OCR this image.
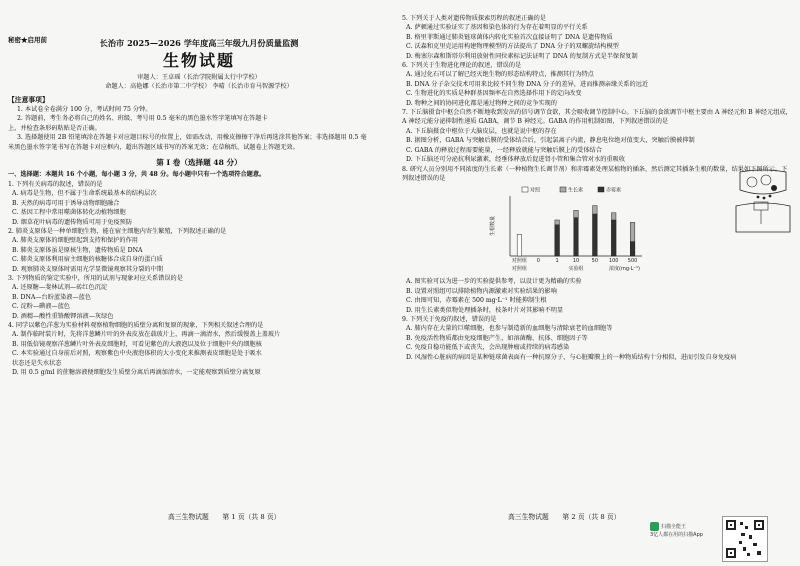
秘密★启用前	长治市 2025—2026 学年度高三年级九月份质量监测

生物试题

审题人：王卓瑶（长治学院附属太行中学校）

命题人：高艳娜（长治市第二中学校） 李晴（长治市育马智源学校）

【注意事项】

1. 本试卷全卷满分 100 分，考试时间 75 分钟。

2. 答题前，考生务必将自己的姓名、班级、考号用 0.5 毫米的黑色墨水签字笔填写在答题卡

上，并检查条形码粘贴是否正确。

3. 选择题使用 2B 铅笔填涂在答题卡对应题目标号的位置上，如需改动，用橡皮擦擦干净后再选涂其他答案；非选择题用 0.5 毫

米黑色墨水签字笔书写在答题卡对应框内，超出答题区域书写的答案无效；在草稿纸、试题卷上答题无效。

第 I 卷（选择题 48 分）

一、选择题：本题共 16 个小题，每小题 3 分，共 48 分。每小题中只有一个选项符合题意。

1. 下列有关病毒的叙述，错误的是

A. 病毒是生物，但不属于生命系统最基本的结构层次

B. 天然的病毒可用于诱导动物细胞融合

C. 基因工程中常用噬菌体转化动植物细胞

D. 烟草花叶病毒的遗传物质可用于免疫预防

2. 肺炎支原体是一种单细胞生物，能在宿主细胞内寄生繁殖，下列叙述正确的是

A. 肺炎支原体的细胞壁起到支持和保护的作用

B. 肺炎支原体虽是原核生物，遗传物质是 DNA

C. 肺炎支原体利用宿主细胞的核糖体合成自身的蛋白质

D. 观察肺炎支原体时需用光学显微镜观察其分裂的中期

3. 下列物质的鉴定实验中，所用的试剂与现象对应关系错误的是

A. 还原糖—斐林试剂—砖红色沉淀

B. DNA—台盼蓝染液—蓝色

C. 淀粉—碘液—蓝色

D. 酒精—酸性重铬酸钾溶液—灰绿色

4. 同学以紫色洋葱为实验材料观察植物细胞的质壁分离和复原的现象，下列相关叙述合理的是

A. 制作临时装片时，先将洋葱鳞片叶的外表皮放在载玻片上，再滴一滴清水，然后缓慢盖上盖玻片

B. 用低倍镜观察洋葱鳞片叶外表皮细胞时，可看见紫色的大液泡以及位于细胞中央的细胞核

C. 本实验通过自身前后对照，观察紫色中央液泡体积的大小变化来推测表皮细胞是处于吸水

状态还是失水状态

D. 用 0.5 g/ml 的蔗糖溶液便细胞发生质壁分离后再滴加清水，一定能观察到质壁分离复原

5. 下列关于人类对遗传物质探索历程的叙述正确的是

A. 萨顿通过实验证实了基因和染色体的行为存在着明显的平行关系

B. 格里菲斯通过肺炎链球菌体内转化实验首次直接证明了 DNA 是遗传物质

C. 沃森和克里克运用构建物理模型的方法提出了 DNA 分子的双螺旋结构模型

D. 梅塞尔森和斯塔尔利用放射性同位素标记法证明了 DNA 的复制方式是半保留复制

6. 下列关于生物进化理论的叙述，错误的是

A. 通过化石可以了解已经灭绝生物的形态结构特点，推测其行为特点

B. DNA 分子杂交技术可用来比较不同生物 DNA 分子的差异，进而推测亲缘关系的远近

C. 生物进化的实质是种群基因频率在自然选择作用下的定向改变

D. 物种之间的协同进化都是通过物种之间的竞争实现的

7. 下丘脑摄食中枢会自然不断地收到发出的信号调节食欲，其会吸收调节控制中心。下丘脑的食欲调节中枢主要由 A 神经元和 B 神经元组成，A 神经元能分泌抑制性递质 GABA，调节 B 神经元。GABA 的作用机制如图，下列叙述错误的是

A. 下丘脑摄食中枢位于大脑皮层，也就是说中枢的存在

B. 据图分析，GABA 与突触后膜的受体结合后，引起氯离子内流，静息电位绝对值变大，突触后膜被抑制

C. GABA 的释放过程需要能量，一经释放就能与突触后膜上的受体结合

D. 下丘脑还可分泌抗利尿激素，经垂体释放后促进肾小管和集合管对水的重吸收

8. 研究人员分别用不同浓度的生长素（一种植物生长调节剂）和赤霉素处理某植物的插条，然后测定其插条生根的数量，结果如下图所示。下列叙述错误的是

对照组 0	1	10 50 100 500
浓度(mg·L⁻¹)
生根数量
对照组	实验组
对照	生长素	赤霉素

A. 图实验可以为进一步的实验提供参考，以设计更为精确的实验

B. 设置对照组可以排除植物内源激素对实验结果的影响

C. 由图可知，赤霉素在 500 mg·L⁻¹ 时能抑制生根

D. 用生长素类似物处理插条时，枝条叶片对其影响不明显

9. 下列关于免疫的叙述，错误的是

A. 肺内存在大量的巨噬细胞，也参与制造新的血细胞与清除衰老的血细胞等

B. 免疫活性物质都由免疫细胞产生，如溶菌酶、抗体、细胞因子等

C. 免疫自稳功能低下或丧失，会出现肿瘤或持续的病毒感染

D. 风湿性心脏病的病因是某种链球菌表面有一种抗原分子，与心脏瓣膜上的一种物质结构十分相似，进而引发自身免疫病

高三生物试题　　第 1 页（共 8 页）	高三生物试题　　第 2 页（共 8 页）
扫描全能王
3亿人都在用的扫描App
